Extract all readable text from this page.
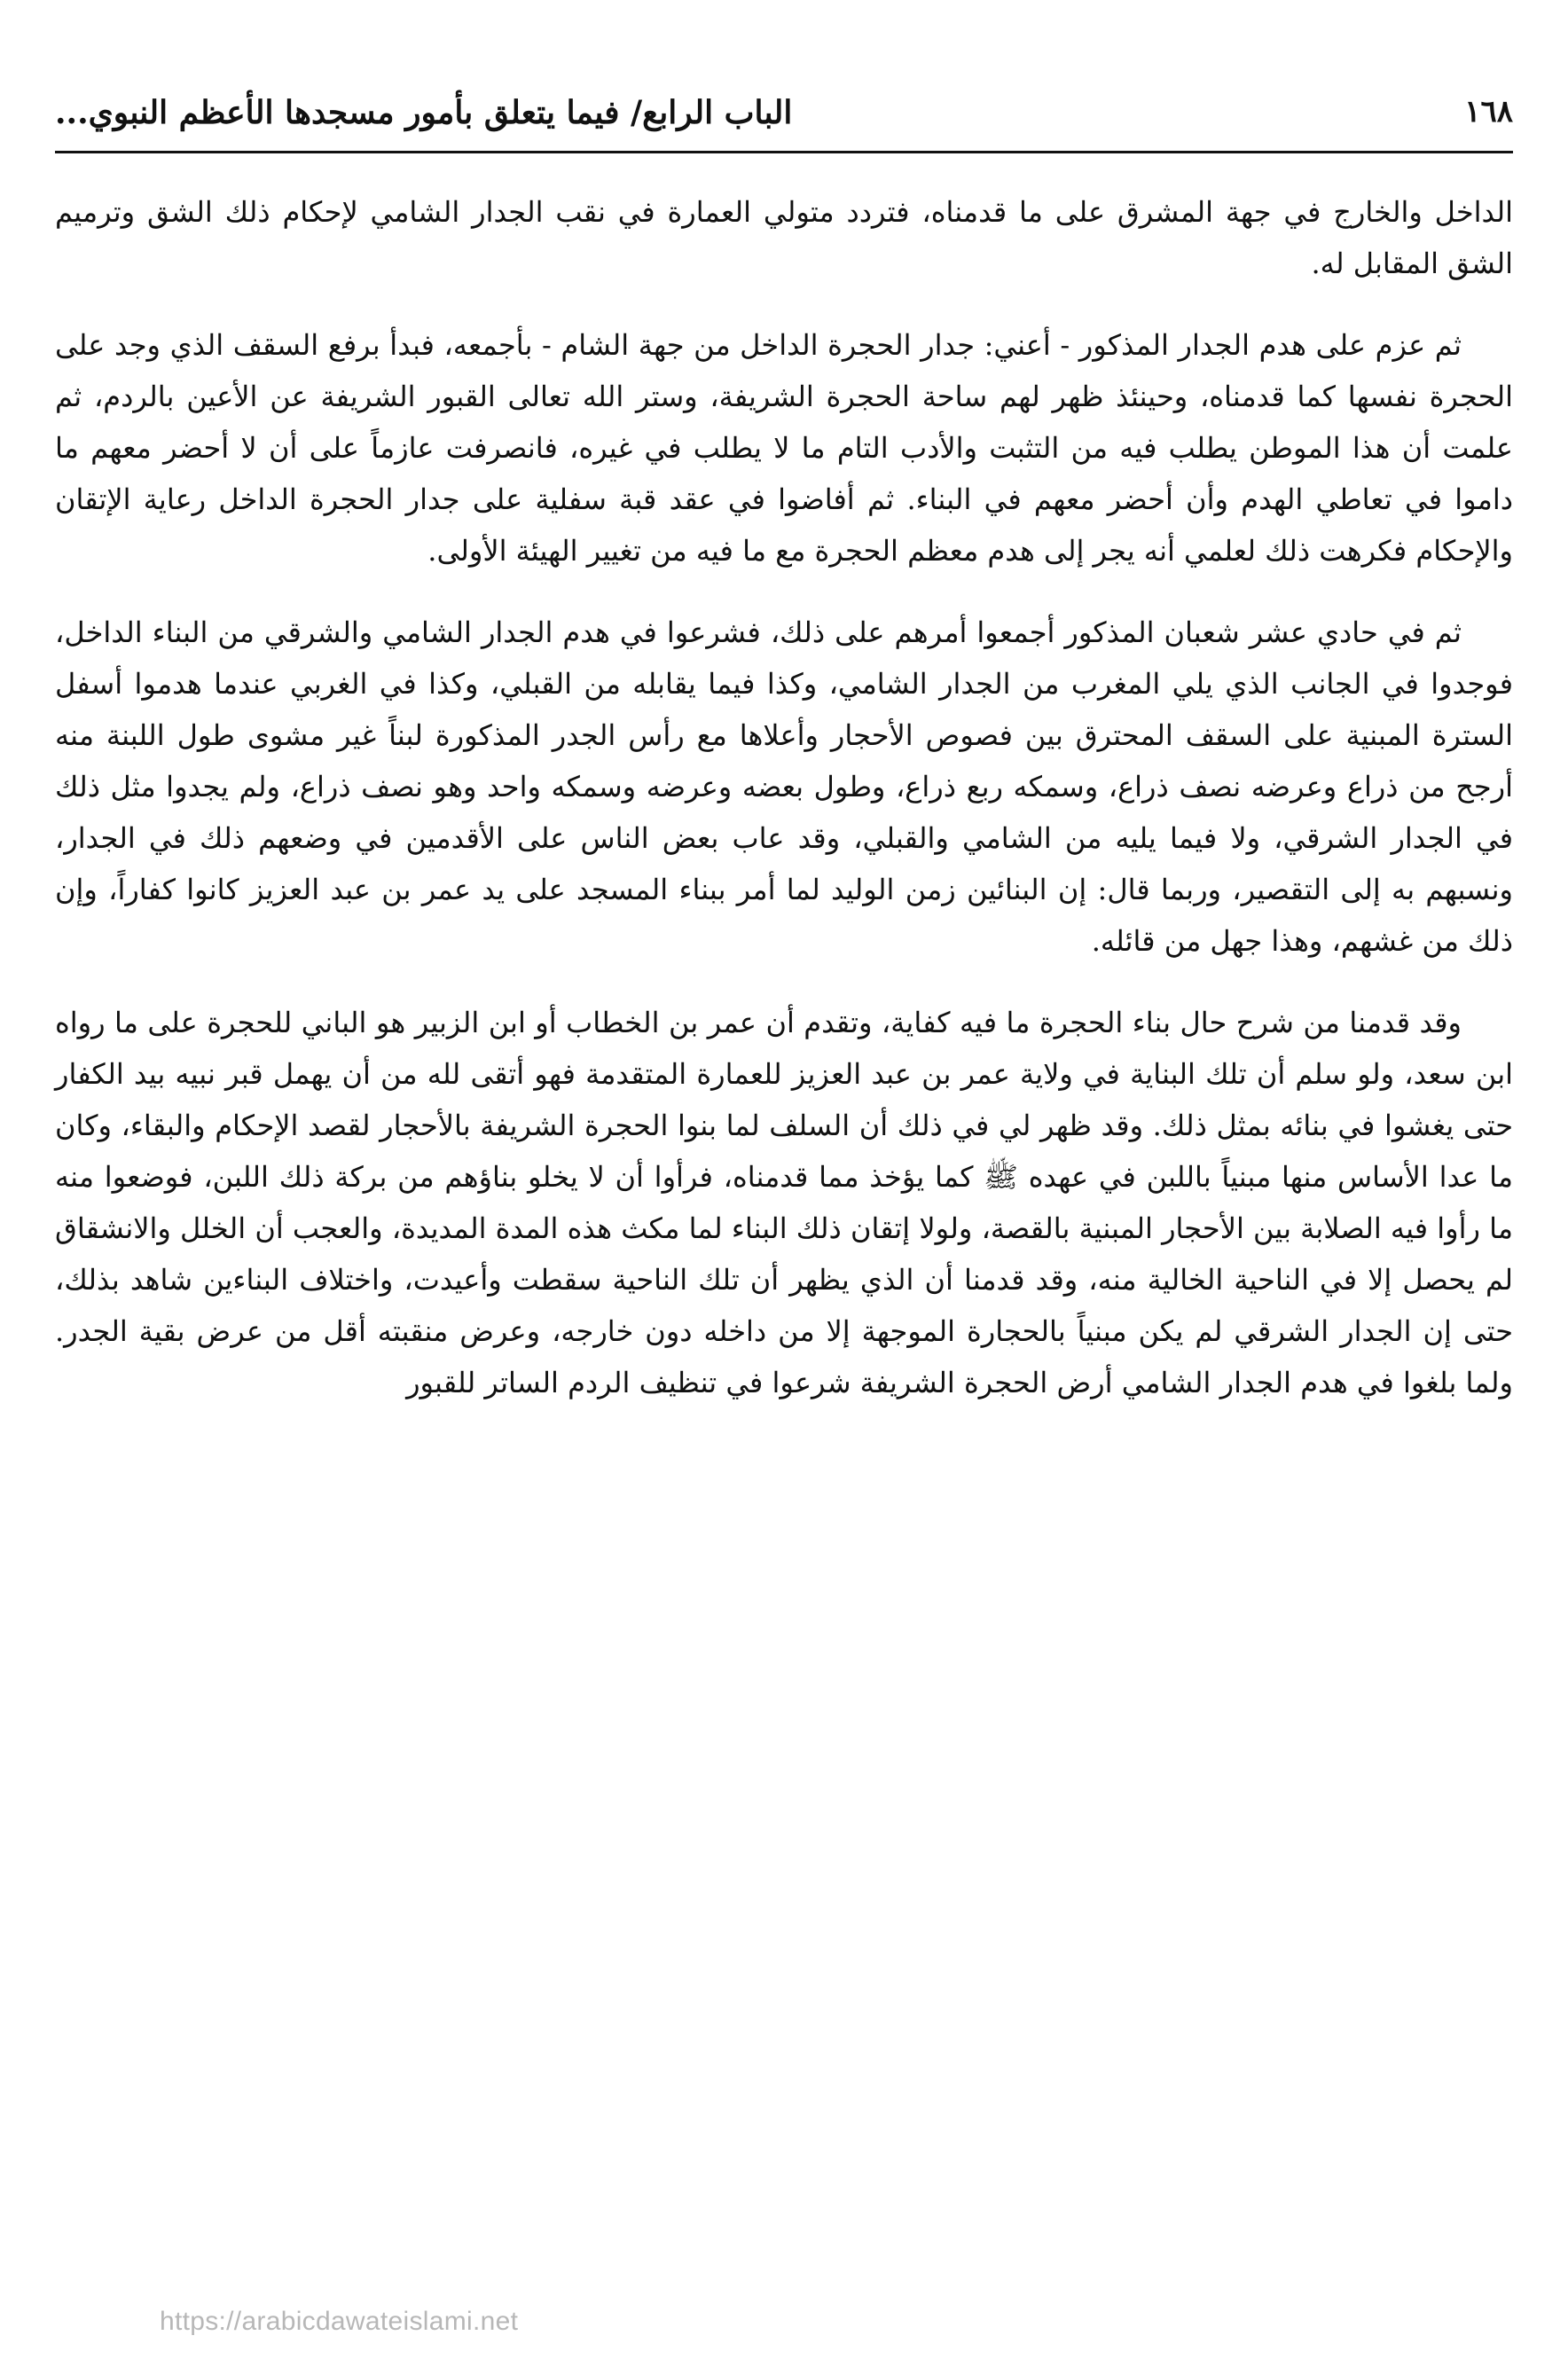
الباب الرابع/ فيما يتعلق بأمور مسجدها الأعظم النبوي...	١٦٨

الداخل والخارج في جهة المشرق على ما قدمناه، فتردد متولي العمارة في نقب الجدار الشامي لإحكام ذلك الشق وترميم الشق المقابل له.

ثم عزم على هدم الجدار المذكور - أعني: جدار الحجرة الداخل من جهة الشام - بأجمعه، فبدأ برفع السقف الذي وجد على الحجرة نفسها كما قدمناه، وحينئذ ظهر لهم ساحة الحجرة الشريفة، وستر الله تعالى القبور الشريفة عن الأعين بالردم، ثم علمت أن هذا الموطن يطلب فيه من التثبت والأدب التام ما لا يطلب في غيره، فانصرفت عازماً على أن لا أحضر معهم ما داموا في تعاطي الهدم وأن أحضر معهم في البناء. ثم أفاضوا في عقد قبة سفلية على جدار الحجرة الداخل رعاية الإتقان والإحكام فكرهت ذلك لعلمي أنه يجر إلى هدم معظم الحجرة مع ما فيه من تغيير الهيئة الأولى.

ثم في حادي عشر شعبان المذكور أجمعوا أمرهم على ذلك، فشرعوا في هدم الجدار الشامي والشرقي من البناء الداخل، فوجدوا في الجانب الذي يلي المغرب من الجدار الشامي، وكذا فيما يقابله من القبلي، وكذا في الغربي عندما هدموا أسفل السترة المبنية على السقف المحترق بين فصوص الأحجار وأعلاها مع رأس الجدر المذكورة لبناً غير مشوى طول اللبنة منه أرجح من ذراع وعرضه نصف ذراع، وسمكه ربع ذراع، وطول بعضه وعرضه وسمكه واحد وهو نصف ذراع، ولم يجدوا مثل ذلك في الجدار الشرقي، ولا فيما يليه من الشامي والقبلي، وقد عاب بعض الناس على الأقدمين في وضعهم ذلك في الجدار، ونسبهم به إلى التقصير، وربما قال: إن البنائين زمن الوليد لما أمر ببناء المسجد على يد عمر بن عبد العزيز كانوا كفاراً، وإن ذلك من غشهم، وهذا جهل من قائله.

وقد قدمنا من شرح حال بناء الحجرة ما فيه كفاية، وتقدم أن عمر بن الخطاب أو ابن الزبير هو الباني للحجرة على ما رواه ابن سعد، ولو سلم أن تلك البناية في ولاية عمر بن عبد العزيز للعمارة المتقدمة فهو أتقى لله من أن يهمل قبر نبيه بيد الكفار حتى يغشوا في بنائه بمثل ذلك. وقد ظهر لي في ذلك أن السلف لما بنوا الحجرة الشريفة بالأحجار لقصد الإحكام والبقاء، وكان ما عدا الأساس منها مبنياً باللبن في عهده ﷺ كما يؤخذ مما قدمناه، فرأوا أن لا يخلو بناؤهم من بركة ذلك اللبن، فوضعوا منه ما رأوا فيه الصلابة بين الأحجار المبنية بالقصة، ولولا إتقان ذلك البناء لما مكث هذه المدة المديدة، والعجب أن الخلل والانشقاق لم يحصل إلا في الناحية الخالية منه، وقد قدمنا أن الذي يظهر أن تلك الناحية سقطت وأعيدت، واختلاف البناءين شاهد بذلك، حتى إن الجدار الشرقي لم يكن مبنياً بالحجارة الموجهة إلا من داخله دون خارجه، وعرض منقبته أقل من عرض بقية الجدر. ولما بلغوا في هدم الجدار الشامي أرض الحجرة الشريفة شرعوا في تنظيف الردم الساتر للقبور

https://arabicdawateislami.net
